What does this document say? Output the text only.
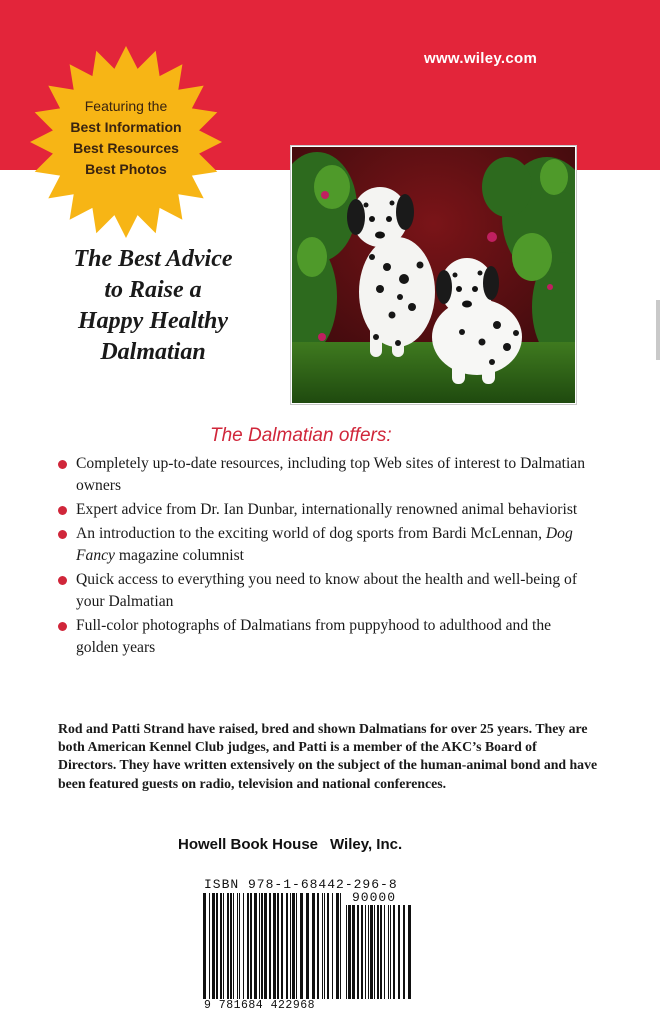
www.wiley.com
Featuring the
Best Information
Best Resources
Best Photos
The Best Advice
to Raise a
Happy Healthy
Dalmatian
The Dalmatian offers:
Completely up-to-date resources, including top Web sites of interest to Dalmatian owners
Expert advice from Dr. Ian Dunbar, internationally renowned animal behaviorist
An introduction to the exciting world of dog sports from Bardi McLennan, Dog Fancy magazine columnist
Quick access to everything you need to know about the health and well-being of your Dalmatian
Full-color photographs of Dalmatians from puppyhood to adulthood and the golden years
Rod and Patti Strand have raised, bred and shown Dalmatians for over 25 years. They are both American Kennel Club judges, and Patti is a member of the AKC’s Board of Directors. They have written extensively on the subject of the human-animal bond and have been featured guests on radio, television and national conferences.
Howell Book House Wiley, Inc.
ISBN 978-1-68442-296-8
90000
9 781684 422968
